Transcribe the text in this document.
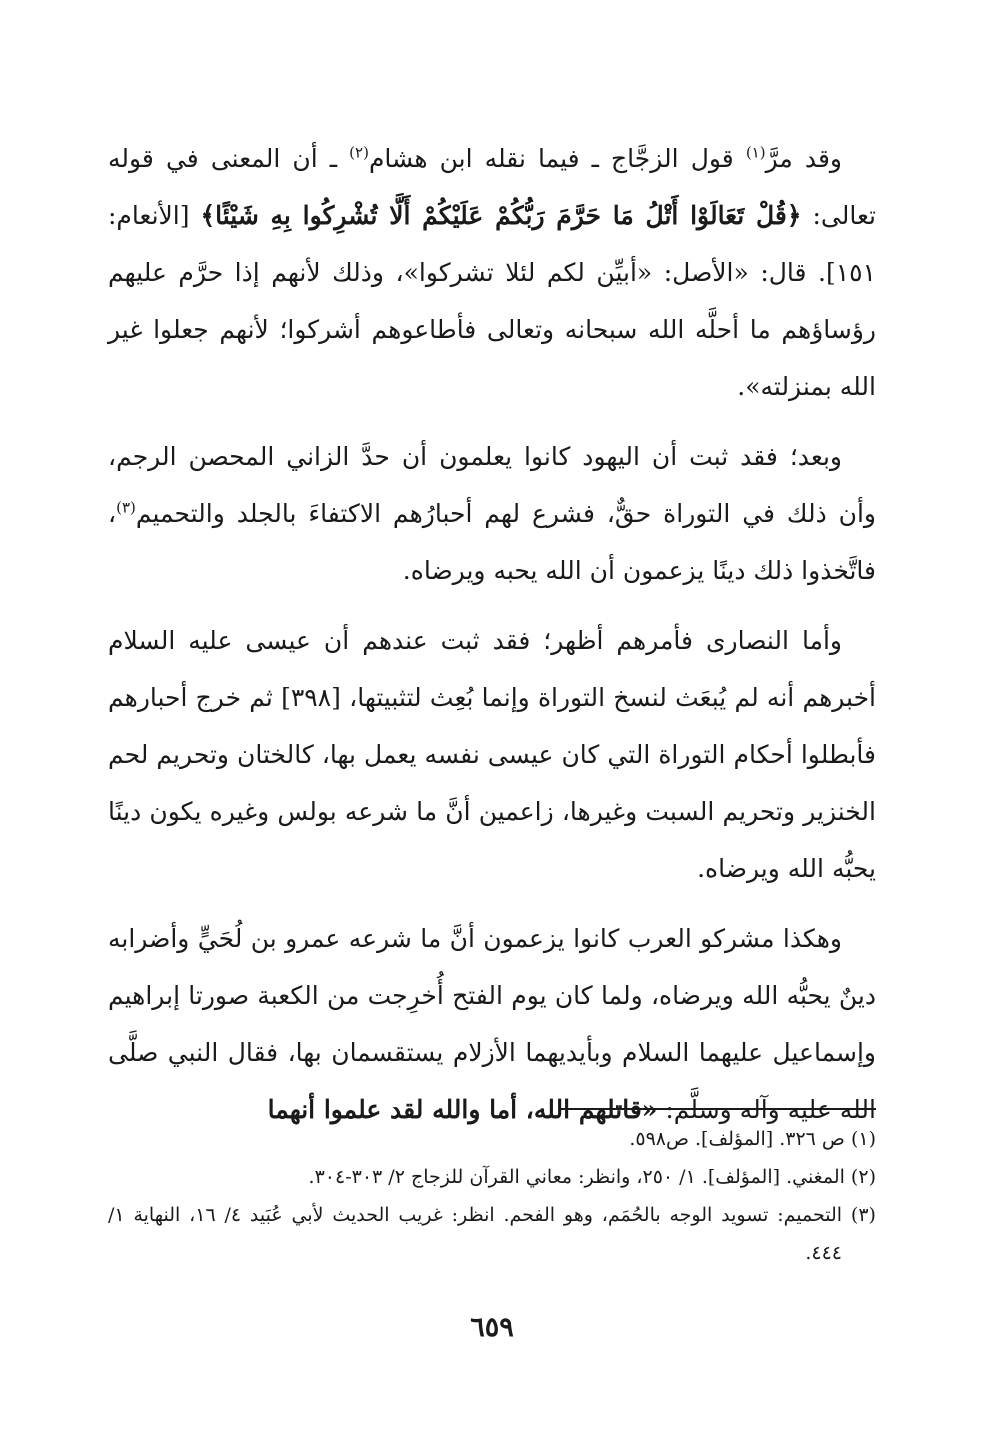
وقد مرَّ$^{(١)}$ قول الزجَّاج ـ فيما نقله ابن هشام$^{(٢)}$ ـ أن المعنى في قوله تعالى: ﴿قُلْ تَعَالَوْا أَتْلُ مَا حَرَّمَ رَبُّكُمْ عَلَيْكُمْ أَلَّا تُشْرِكُوا بِهِ شَيْئًا﴾ [الأنعام: ١٥١]. قال: «الأصل: «أبيِّن لكم لئلا تشركوا»، وذلك لأنهم إذا حرَّم عليهم رؤساؤهم ما أحلَّه الله سبحانه وتعالى فأطاعوهم أشركوا؛ لأنهم جعلوا غير الله بمنزلته».

وبعد؛ فقد ثبت أن اليهود كانوا يعلمون أن حدَّ الزاني المحصن الرجم، وأن ذلك في التوراة حقٌّ، فشرع لهم أحبارُهم الاكتفاءَ بالجلد والتحميم$^{(٣)}$، فاتَّخذوا ذلك دينًا يزعمون أن الله يحبه ويرضاه.

وأما النصارى فأمرهم أظهر؛ فقد ثبت عندهم أن عيسى عليه السلام أخبرهم أنه لم يُبعَث لنسخ التوراة وإنما بُعِث لتثبيتها، [٣٩٨] ثم خرج أحبارهم فأبطلوا أحكام التوراة التي كان عيسى نفسه يعمل بها، كالختان وتحريم لحم الخنزير وتحريم السبت وغيرها، زاعمين أنَّ ما شرعه بولس وغيره يكون دينًا يحبُّه الله ويرضاه.

وهكذا مشركو العرب كانوا يزعمون أنَّ ما شرعه عمرو بن لُحَيٍّ وأضرابه دينٌ يحبُّه الله ويرضاه، ولما كان يوم الفتح أُخرِجت من الكعبة صورتا إبراهيم وإسماعيل عليهما السلام وبأيديهما الأزلام يستقسمان بها، فقال النبي صلَّى الله عليه وآله وسلَّم: «قاتلهم الله، أما والله لقد علموا أنهما

(١) ص ٣٢٦. [المؤلف]. ص٥٩٨.

(٢) المغني. [المؤلف]. ١/ ٢٥٠، وانظر: معاني القرآن للزجاج ٢/ ٣٠٣-٣٠٤.

(٣) التحميم: تسويد الوجه بالحُمَم، وهو الفحم. انظر: غريب الحديث لأبي عُبَيد ٤/ ١٦، النهاية ١/ ٤٤٤.

٦٥٩
